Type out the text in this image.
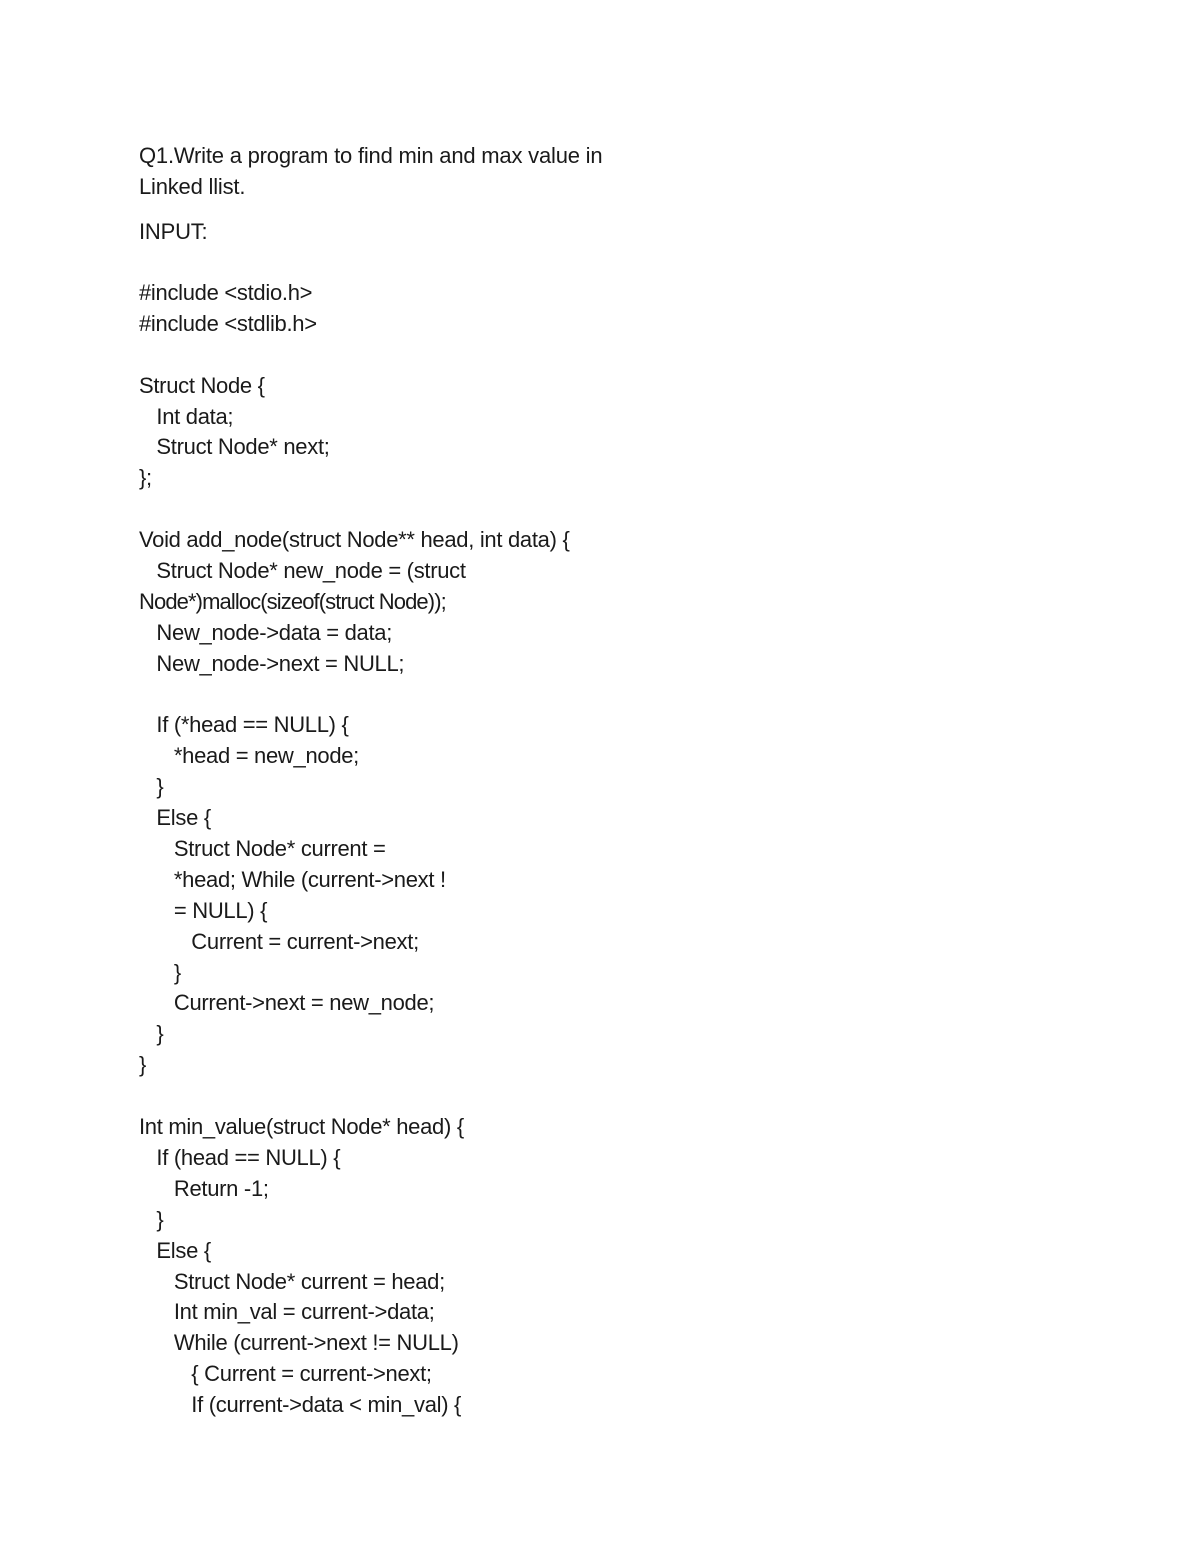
Q1.Write a program to find min and max value in
Linked llist.
INPUT:
#include <stdio.h>
#include <stdlib.h>
Struct Node {
Int data;
Struct Node* next;
};
Void add_node(struct Node** head, int data) {
Struct Node* new_node = (struct
Node*)malloc(sizeof(struct Node));
New_node->data = data;
New_node->next = NULL;
If (*head == NULL) {
*head = new_node;
}
Else {
Struct Node* current =
*head; While (current->next !
= NULL) {
Current = current->next;
}
Current->next = new_node;
}
}
Int min_value(struct Node* head) {
If (head == NULL) {
Return -1;
}
Else {
Struct Node* current = head;
Int min_val = current->data;
While (current->next != NULL)
{ Current = current->next;
If (current->data < min_val) {
